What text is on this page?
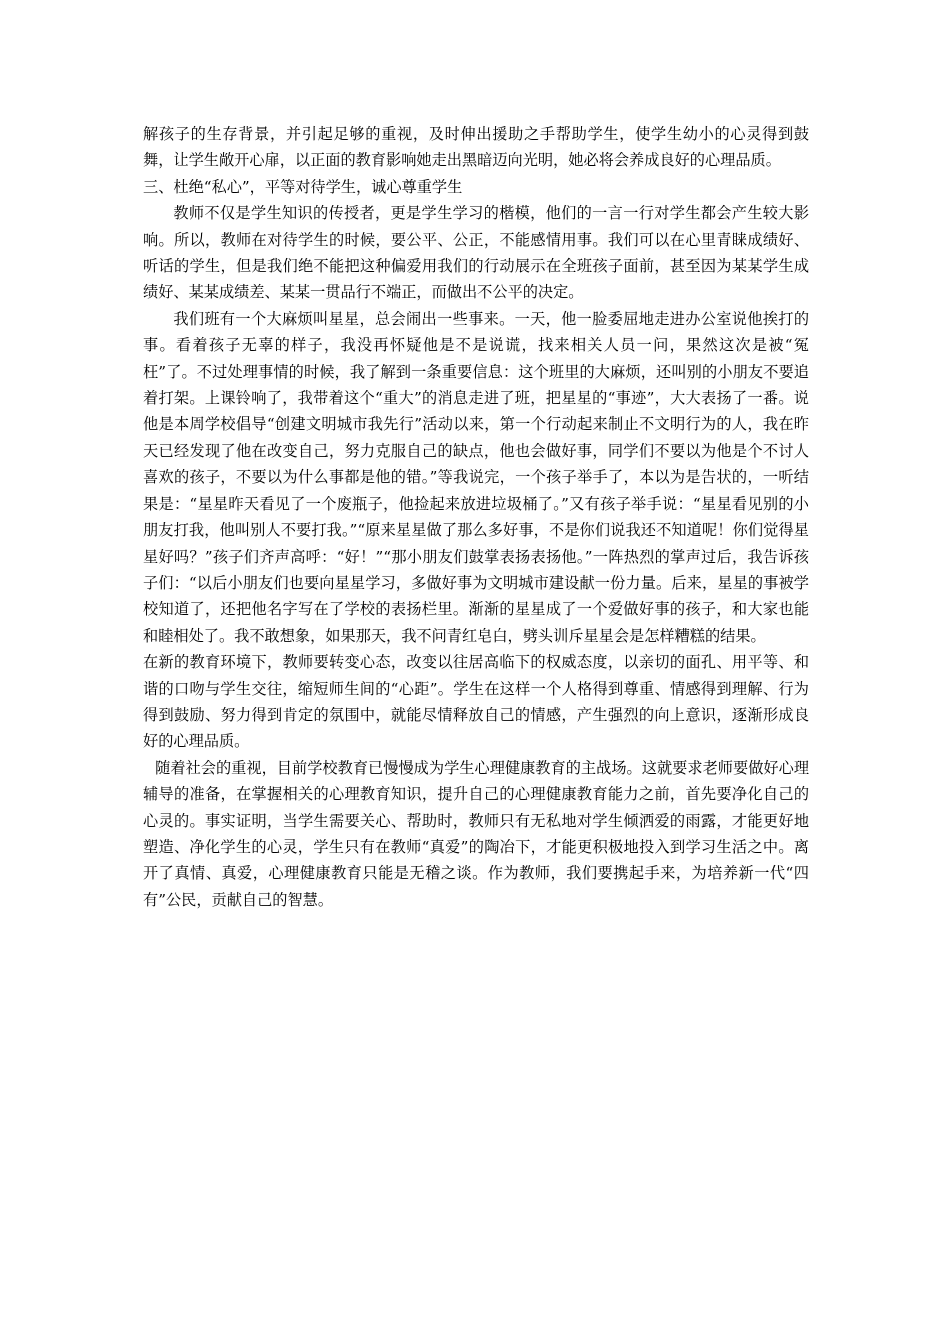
解孩子的生存背景，并引起足够的重视，及时伸出援助之手帮助学生，使学生幼小的心灵得到鼓舞，让学生敞开心扉，以正面的教育影响她走出黑暗迈向光明，她必将会养成良好的心理品质。

三、杜绝“私心”，平等对待学生，诚心尊重学生

教师不仅是学生知识的传授者，更是学生学习的楷模，他们的一言一行对学生都会产生较大影响。所以，教师在对待学生的时候，要公平、公正，不能感情用事。我们可以在心里青睐成绩好、听话的学生，但是我们绝不能把这种偏爱用我们的行动展示在全班孩子面前，甚至因为某某学生成绩好、某某成绩差、某某一贯品行不端正，而做出不公平的决定。

我们班有一个大麻烦叫星星，总会闹出一些事来。一天，他一脸委屈地走进办公室说他挨打的事。看着孩子无辜的样子，我没再怀疑他是不是说谎，找来相关人员一问，果然这次是被“冤枉”了。不过处理事情的时候，我了解到一条重要信息：这个班里的大麻烦，还叫别的小朋友不要追着打架。上课铃响了，我带着这个“重大”的消息走进了班，把星星的“事迹”，大大表扬了一番。说他是本周学校倡导“创建文明城市我先行”活动以来，第一个行动起来制止不文明行为的人，我在昨天已经发现了他在改变自己，努力克服自己的缺点，他也会做好事，同学们不要以为他是个不讨人喜欢的孩子，不要以为什么事都是他的错。”等我说完，一个孩子举手了，本以为是告状的，一听结果是：“星星昨天看见了一个废瓶子，他捡起来放进垃圾桶了。”又有孩子举手说：“星星看见别的小朋友打我，他叫别人不要打我。”“原来星星做了那么多好事，不是你们说我还不知道呢！你们觉得星星好吗？”孩子们齐声高呼：“好！”“那小朋友们鼓掌表扬表扬他。”一阵热烈的掌声过后，我告诉孩子们：“以后小朋友们也要向星星学习，多做好事为文明城市建设献一份力量。后来，星星的事被学校知道了，还把他名字写在了学校的表扬栏里。渐渐的星星成了一个爱做好事的孩子，和大家也能和睦相处了。我不敢想象，如果那天，我不问青红皂白，劈头训斥星星会是怎样糟糕的结果。

在新的教育环境下，教师要转变心态，改变以往居高临下的权威态度，以亲切的面孔、用平等、和谐的口吻与学生交往，缩短师生间的“心距”。学生在这样一个人格得到尊重、情感得到理解、行为得到鼓励、努力得到肯定的氛围中，就能尽情释放自己的情感，产生强烈的向上意识，逐渐形成良好的心理品质。

随着社会的重视，目前学校教育已慢慢成为学生心理健康教育的主战场。这就要求老师要做好心理辅导的准备，在掌握相关的心理教育知识，提升自己的心理健康教育能力之前，首先要净化自己的心灵的。事实证明，当学生需要关心、帮助时，教师只有无私地对学生倾洒爱的雨露，才能更好地塑造、净化学生的心灵，学生只有在教师“真爱”的陶冶下，才能更积极地投入到学习生活之中。离开了真情、真爱，心理健康教育只能是无稽之谈。作为教师，我们要携起手来，为培养新一代“四有”公民，贡献自己的智慧。
